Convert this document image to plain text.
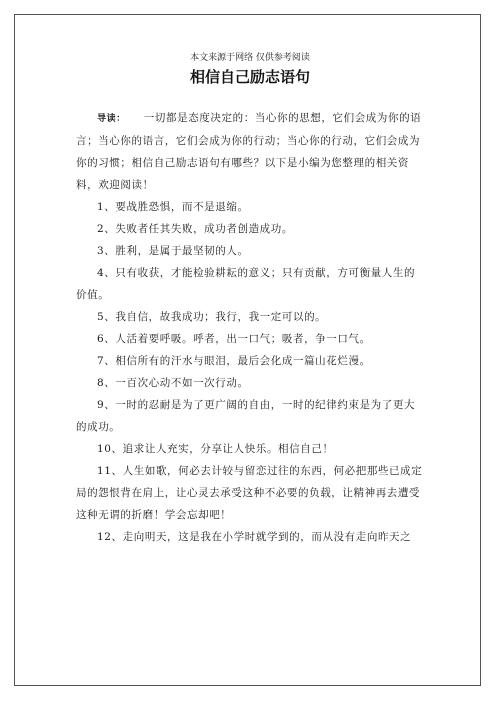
本文来源于网络 仅供参考阅读
相信自己励志语句

导读： 一切都是态度决定的：当心你的思想，它们会成为你的语言；当心你的语言，它们会成为你的行动；当心你的行动，它们会成为你的习惯；相信自己励志语句有哪些？以下是小编为您整理的相关资料，欢迎阅读！

1、要战胜恐惧，而不是退缩。

2、失败者任其失败，成功者创造成功。

3、胜利，是属于最坚韧的人。

4、只有收获，才能检验耕耘的意义；只有贡献，方可衡量人生的价值。

5、我自信，故我成功；我行，我一定可以的。

6、人活着要呼吸。呼者，出一口气；吸者，争一口气。

7、相信所有的汗水与眼泪，最后会化成一篇山花烂漫。

8、一百次心动不如一次行动。

9、一时的忍耐是为了更广阔的自由，一时的纪律约束是为了更大的成功。

10、追求让人充实，分享让人快乐。相信自己！

11、人生如歌，何必去计较与留恋过往的东西，何必把那些已成定局的怨恨背在肩上，让心灵去承受这种不必要的负载，让精神再去遭受这种无谓的折磨！学会忘却吧！

12、走向明天，这是我在小学时就学到的，而从没有走向昨天之
